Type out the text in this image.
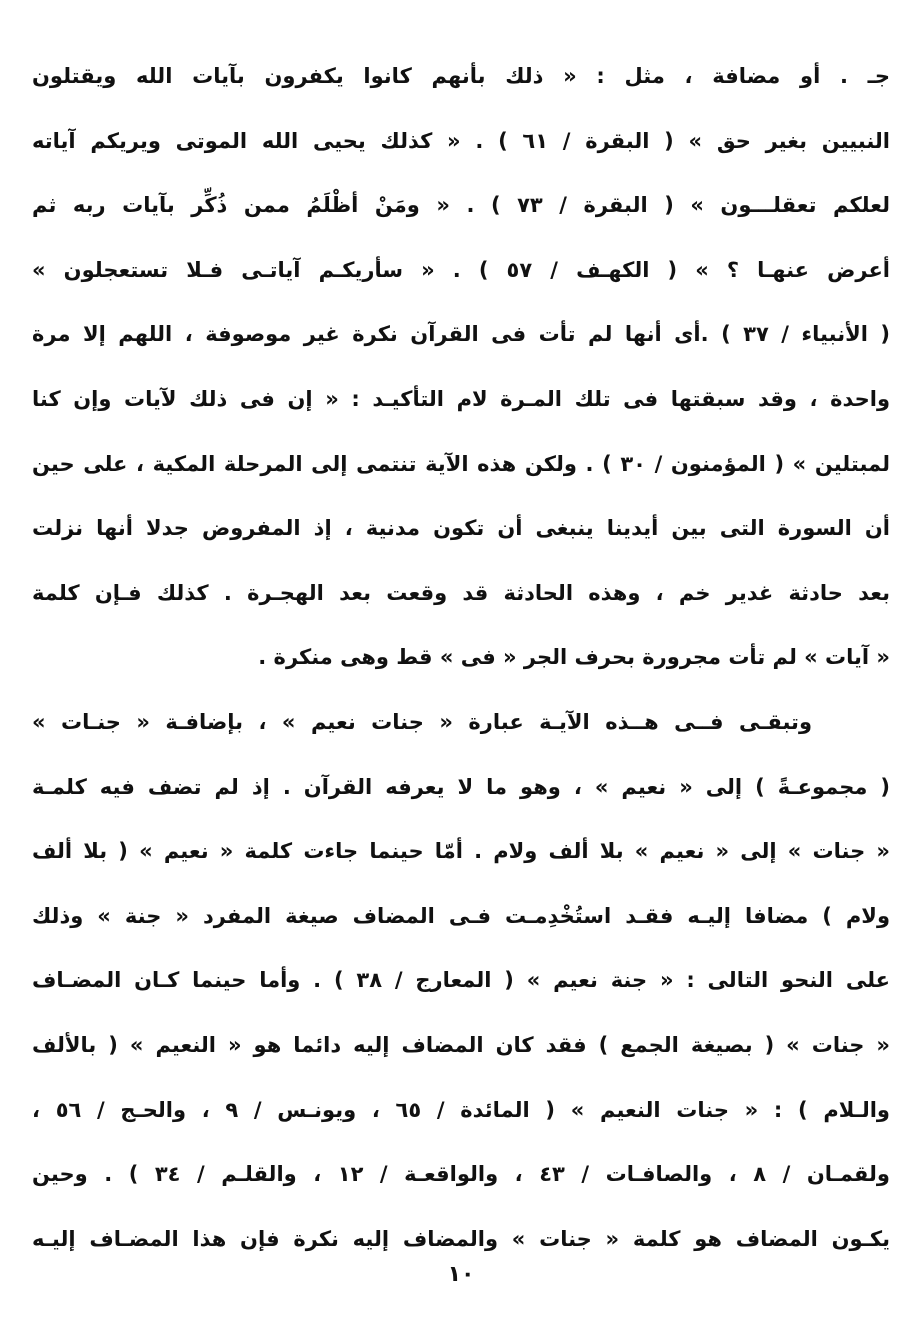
جـ . أو مضافة ، مثل : « ذلك بأنهم كانوا يكفرون بآيات الله ويقتلون
النبيين بغير حق » ( البقرة / ٦١ ) . « كذلك يحيى الله الموتى ويريكم آياته
لعلكم تعقلـــون » ( البقرة / ٧٣ ) . « ومَنْ أظْلَمُ ممن ذُكِّر بآيات ربه ثم
أعرض عنهـا ؟ » ( الكهـف / ٥٧ ) . « سأريكـم آياتـى فـلا تستعجلون »
( الأنبياء / ٣٧ ) .أى أنها لم تأت فى القرآن نكرة غير موصوفة ، اللهم إلا مرة
واحدة ، وقد سبقتها فى تلك المـرة لام التأكيـد : « إن فى ذلك لآيات وإن كنا
لمبتلين » ( المؤمنون / ٣٠ ) . ولكن هذه الآية تنتمى إلى المرحلة المكية ، على حين
أن السورة التى بين أيدينا ينبغى أن تكون مدنية ، إذ المفروض جدلا أنها نزلت
بعد حادثة غدير خم ، وهذه الحادثة قد وقعت بعد الهجـرة . كذلك فـإن كلمة
« آيات » لم تأت مجرورة بحرف الجر « فى » قط وهى منكرة .
وتبقـى فــى هــذه الآيـة عبارة « جنات نعيم » ، بإضافـة « جنـات »
( مجموعـةً ) إلى « نعيم » ، وهو ما لا يعرفه القرآن . إذ لم تضف فيه كلمـة
« جنات » إلى « نعيم » بلا ألف ولام . أمّا حينما جاءت كلمة « نعيم » ( بلا ألف
ولام ) مضافا إليـه فقـد استُخْدِمـت فـى المضاف صيغة المفرد « جنة » وذلك
على النحو التالى : « جنة نعيم » ( المعارج / ٣٨ ) . وأما حينما كـان المضـاف
« جنات » ( بصيغة الجمع ) فقد كان المضاف إليه دائما هو « النعيم » ( بالألف
والـلام ) : « جنات النعيم » ( المائدة / ٦٥ ، ويونـس / ٩ ، والحـج / ٥٦ ،
ولقمـان / ٨ ، والصافـات / ٤٣ ، والواقعـة / ١٢ ، والقلـم / ٣٤ ) . وحين
يكـون المضاف هو كلمة « جنات » والمضاف إليه نكرة فإن هذا المضـاف إليـه
١٠
